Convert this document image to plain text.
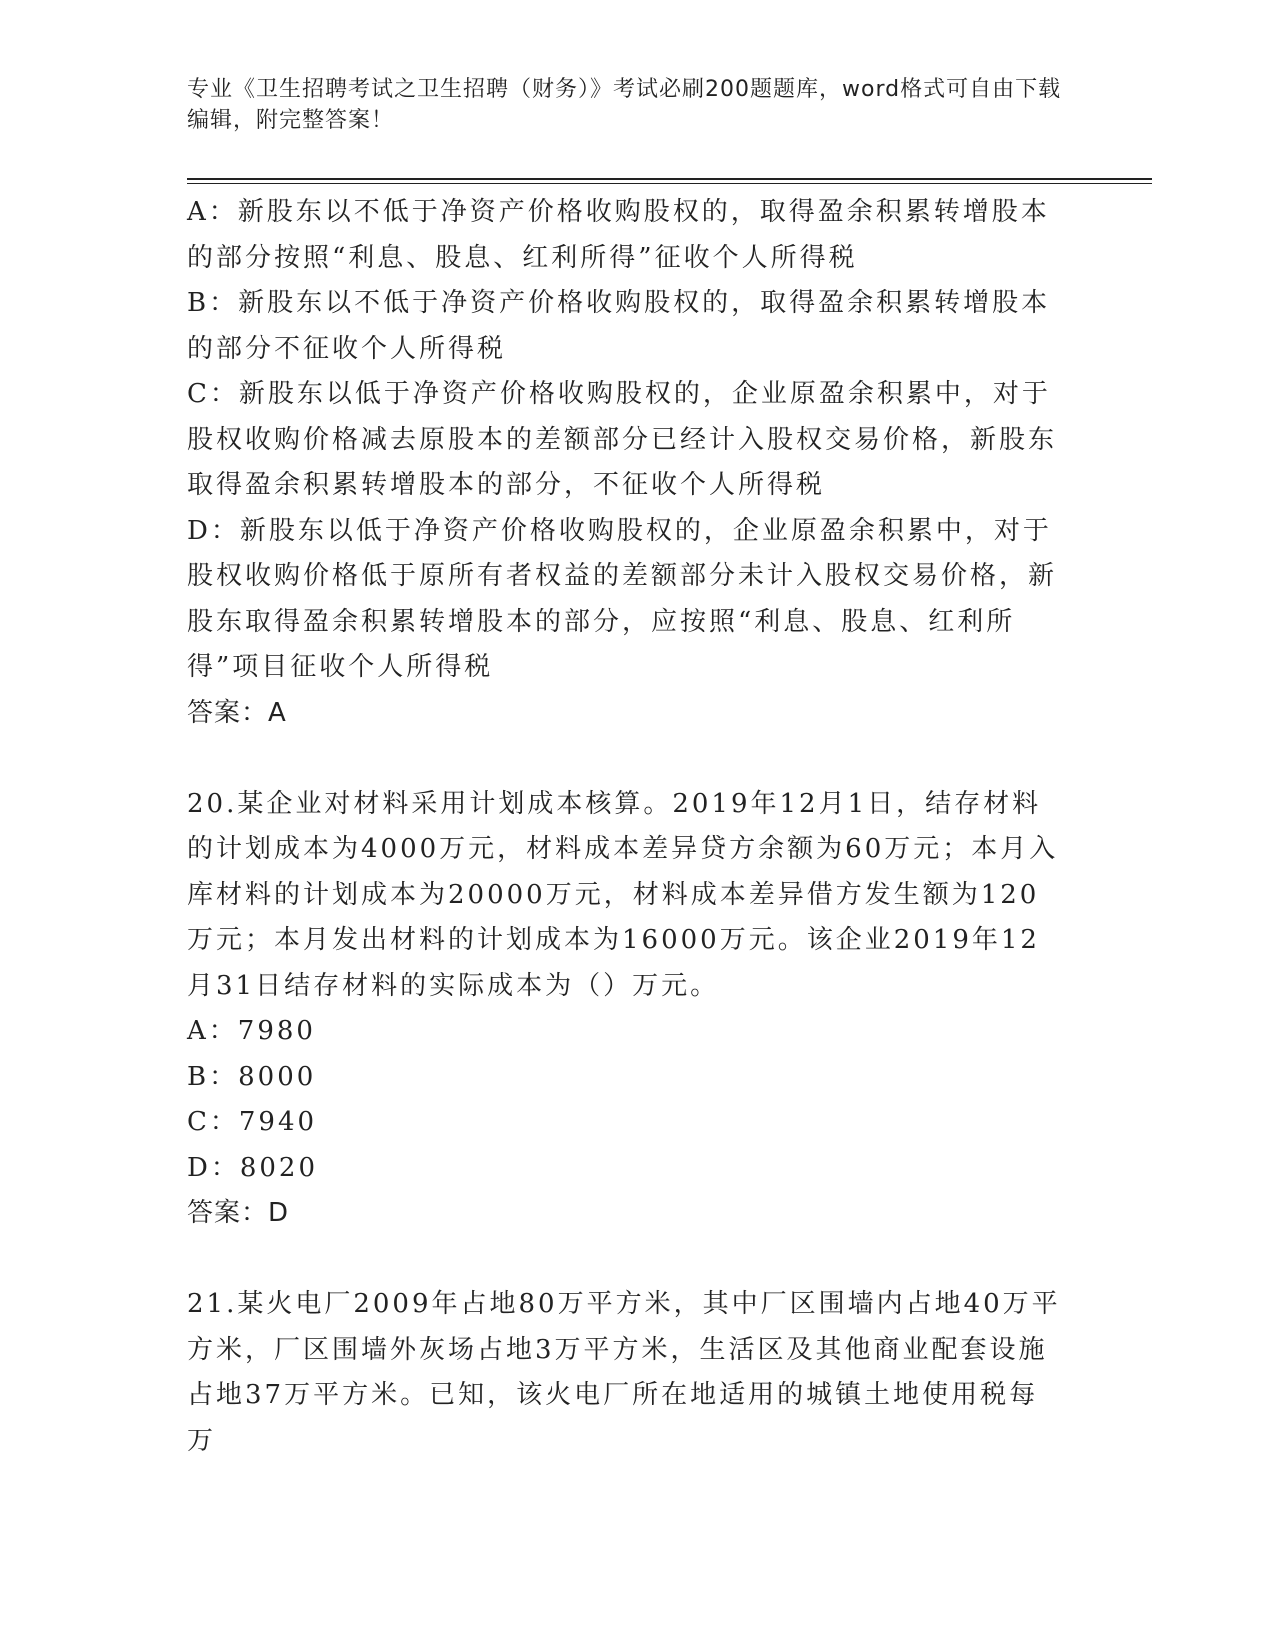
专业《卫生招聘考试之卫生招聘（财务）》考试必刷200题题库，word格式可自由下载编辑，附完整答案！

A：新股东以不低于净资产价格收购股权的，取得盈余积累转增股本的部分按照“利息、股息、红利所得”征收个人所得税

B：新股东以不低于净资产价格收购股权的，取得盈余积累转增股本的部分不征收个人所得税

C：新股东以低于净资产价格收购股权的，企业原盈余积累中，对于股权收购价格减去原股本的差额部分已经计入股权交易价格，新股东取得盈余积累转增股本的部分，不征收个人所得税

D：新股东以低于净资产价格收购股权的，企业原盈余积累中，对于股权收购价格低于原所有者权益的差额部分未计入股权交易价格，新股东取得盈余积累转增股本的部分，应按照“利息、股息、红利所得”项目征收个人所得税

答案：A

20.某企业对材料采用计划成本核算。2019年12月1日，结存材料的计划成本为4000万元，材料成本差异贷方余额为60万元；本月入库材料的计划成本为20000万元，材料成本差异借方发生额为120万元；本月发出材料的计划成本为16000万元。该企业2019年12月31日结存材料的实际成本为（）万元。

A：7980

B：8000

C：7940

D：8020

答案：D

21.某火电厂2009年占地80万平方米，其中厂区围墙内占地40万平方米，厂区围墙外灰场占地3万平方米，生活区及其他商业配套设施占地37万平方米。已知，该火电厂所在地适用的城镇土地使用税每万
